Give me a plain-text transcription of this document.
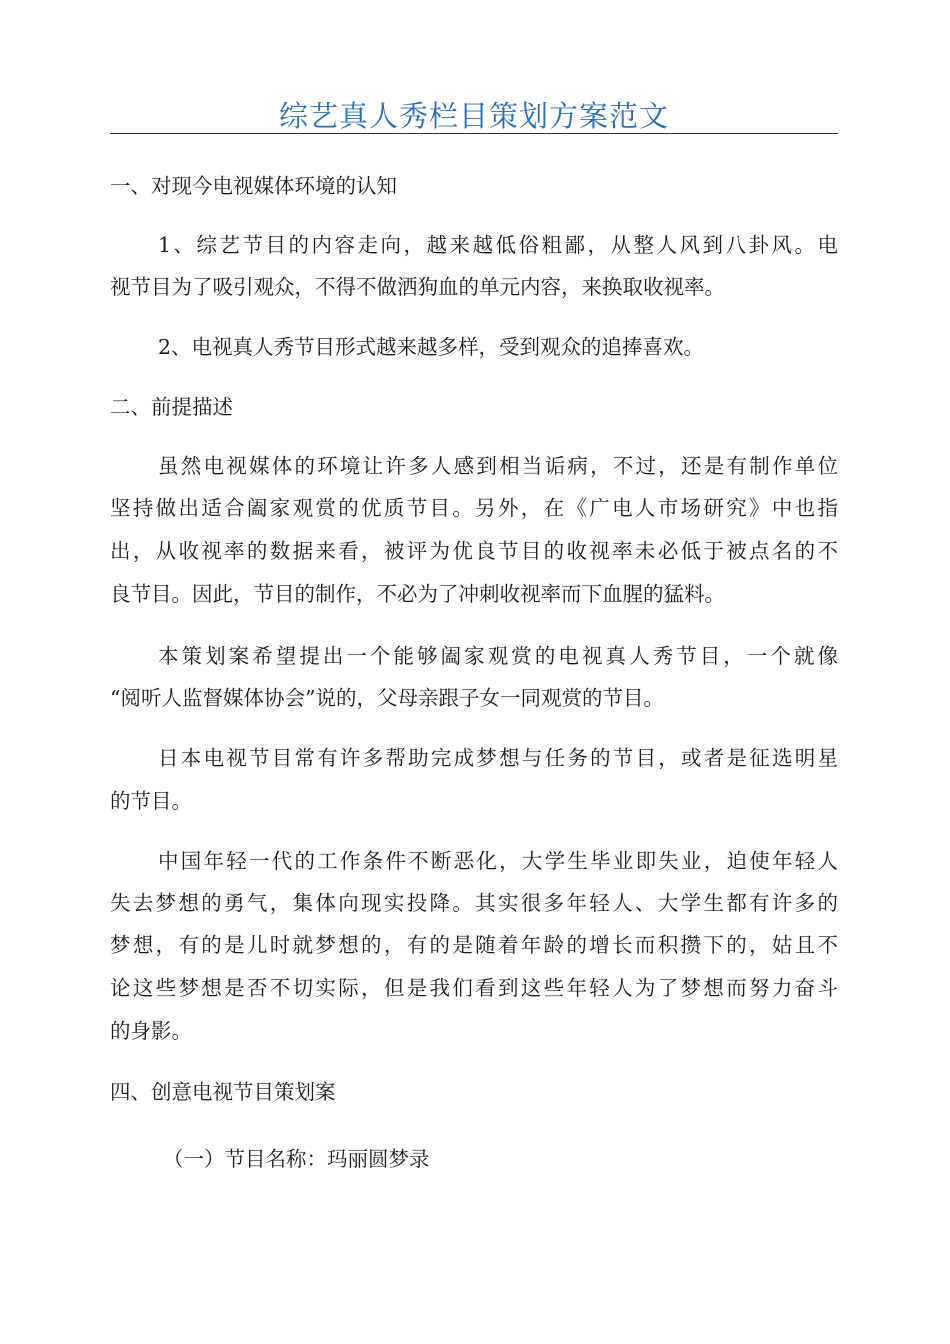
综艺真人秀栏目策划方案范文
一、对现今电视媒体环境的认知
1、综艺节目的内容走向，越来越低俗粗鄙，从整人风到八卦风。电
视节目为了吸引观众，不得不做洒狗血的单元内容，来换取收视率。
2、电视真人秀节目形式越来越多样，受到观众的追捧喜欢。
二、前提描述
虽然电视媒体的环境让许多人感到相当诟病，不过，还是有制作单位
坚持做出适合阖家观赏的优质节目。另外，在《广电人市场研究》中也指
出，从收视率的数据来看，被评为优良节目的收视率未必低于被点名的不
良节目。因此，节目的制作，不必为了冲刺收视率而下血腥的猛料。
本策划案希望提出一个能够阖家观赏的电视真人秀节目，一个就像
“阅听人监督媒体协会”说的，父母亲跟子女一同观赏的节目。
日本电视节目常有许多帮助完成梦想与任务的节目，或者是征选明星
的节目。
中国年轻一代的工作条件不断恶化，大学生毕业即失业，迫使年轻人
失去梦想的勇气，集体向现实投降。其实很多年轻人、大学生都有许多的
梦想，有的是儿时就梦想的，有的是随着年龄的增长而积攒下的，姑且不
论这些梦想是否不切实际，但是我们看到这些年轻人为了梦想而努力奋斗
的身影。
四、创意电视节目策划案
（一）节目名称：玛丽圆梦录
